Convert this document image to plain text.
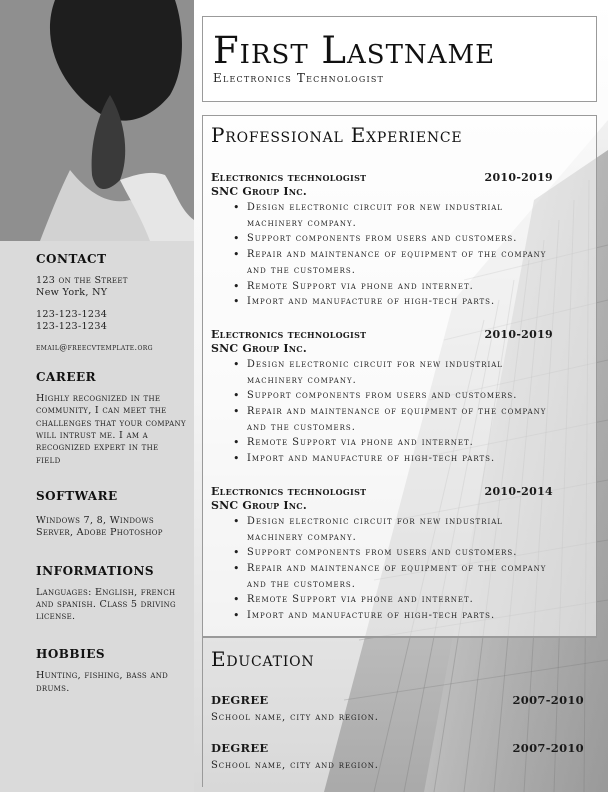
CONTACT
123 on the Street
New York, NY
123-123-1234
123-123-1234
email@freecvtemplate.org
CAREER
Highly recognized in the community, I can meet the challenges that your company will intrust me. I am a recognized expert in the field
SOFTWARE
Windows 7, 8, Windows Server, Adobe Photoshop
INFORMATIONS
Languages: English, french and spanish. Class 5 driving license.
HOBBIES
Hunting, fishing, bass and drums.
First Lastname
Electronics Technologist
Professional Experience
Electronics technologist	2010-2019
SNC Group Inc.
• Design electronic circuit for new industrial machinery company.
• Support components from users and customers.
• Repair and maintenance of equipment of the company and the customers.
• Remote Support via phone and internet.
• Import and manufacture of high-tech parts.
Electronics technologist	2010-2019
SNC Group Inc.
• Design electronic circuit for new industrial machinery company.
• Support components from users and customers.
• Repair and maintenance of equipment of the company and the customers.
• Remote Support via phone and internet.
• Import and manufacture of high-tech parts.
Electronics technologist	2010-2014
SNC Group Inc.
• Design electronic circuit for new industrial machinery company.
• Support components from users and customers.
• Repair and maintenance of equipment of the company and the customers.
• Remote Support via phone and internet.
• Import and manufacture of high-tech parts.
Education
DEGREE	2007-2010
School name, city and region.
DEGREE	2007-2010
School name, city and region.
